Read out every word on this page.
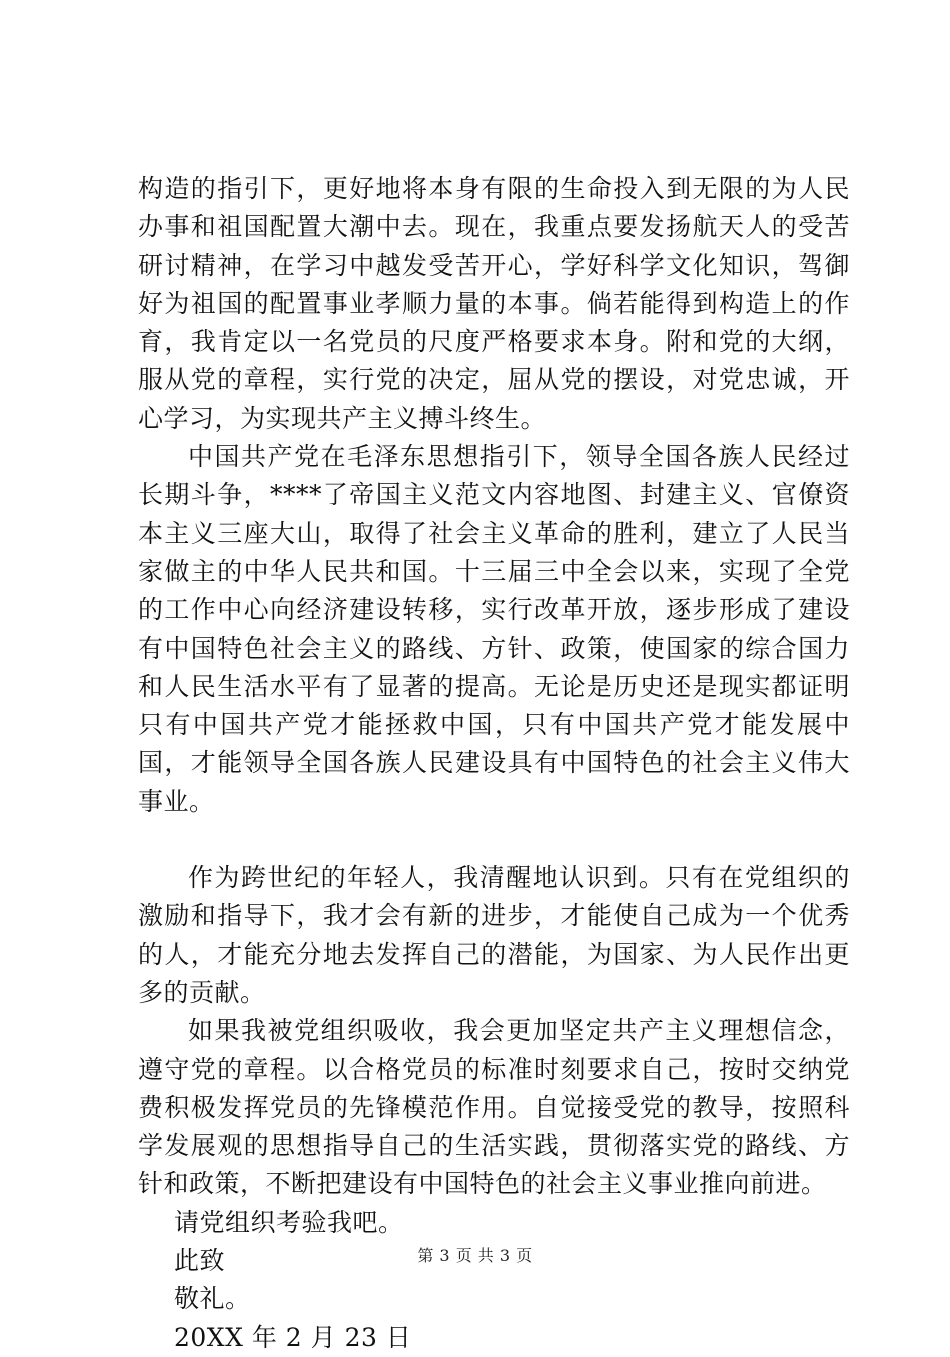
构造的指引下，更好地将本身有限的生命投入到无限的为人民办事和祖国配置大潮中去。现在，我重点要发扬航天人的受苦研讨精神，在学习中越发受苦开心，学好科学文化知识，驾御好为祖国的配置事业孝顺力量的本事。倘若能得到构造上的作育，我肯定以一名党员的尺度严格要求本身。附和党的大纲，服从党的章程，实行党的决定，屈从党的摆设，对党忠诚，开心学习，为实现共产主义搏斗终生。

中国共产党在毛泽东思想指引下，领导全国各族人民经过长期斗争，****了帝国主义范文内容地图、封建主义、官僚资本主义三座大山，取得了社会主义革命的胜利，建立了人民当家做主的中华人民共和国。十三届三中全会以来，实现了全党的工作中心向经济建设转移，实行改革开放，逐步形成了建设有中国特色社会主义的路线、方针、政策，使国家的综合国力和人民生活水平有了显著的提高。无论是历史还是现实都证明只有中国共产党才能拯救中国，只有中国共产党才能发展中国，才能领导全国各族人民建设具有中国特色的社会主义伟大事业。

作为跨世纪的年轻人，我清醒地认识到。只有在党组织的激励和指导下，我才会有新的进步，才能使自己成为一个优秀的人，才能充分地去发挥自己的潜能，为国家、为人民作出更多的贡献。

如果我被党组织吸收，我会更加坚定共产主义理想信念，遵守党的章程。以合格党员的标准时刻要求自己，按时交纳党费积极发挥党员的先锋模范作用。自觉接受党的教导，按照科学发展观的思想指导自己的生活实践，贯彻落实党的路线、方针和政策，不断把建设有中国特色的社会主义事业推向前进。

请党组织考验我吧。

此致

敬礼。

20XX 年 2 月 23 日

第 3 页 共 3 页
